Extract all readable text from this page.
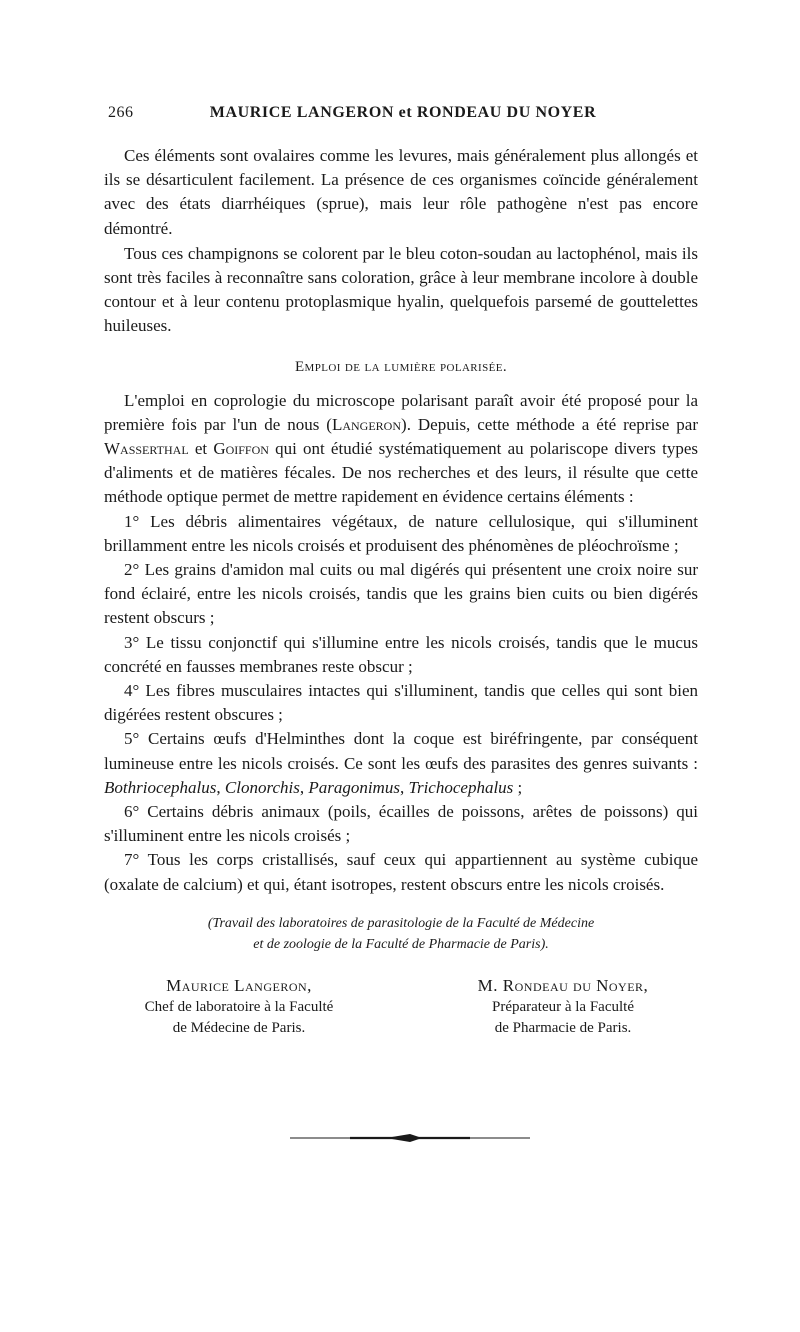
266	MAURICE LANGERON et RONDEAU DU NOYER

Ces éléments sont ovalaires comme les levures, mais généralement plus allongés et ils se désarticulent facilement. La présence de ces organismes coïncide généralement avec des états diarrhéiques (sprue), mais leur rôle pathogène n'est pas encore démontré.

Tous ces champignons se colorent par le bleu coton-soudan au lactophénol, mais ils sont très faciles à reconnaître sans coloration, grâce à leur membrane incolore à double contour et à leur contenu protoplasmique hyalin, quelquefois parsemé de gouttelettes huileuses.

Emploi de la lumière polarisée.

L'emploi en coprologie du microscope polarisant paraît avoir été proposé pour la première fois par l'un de nous (Langeron). Depuis, cette méthode a été reprise par Wasserthal et Goiffon qui ont étudié systématiquement au polariscope divers types d'aliments et de matières fécales. De nos recherches et des leurs, il résulte que cette méthode optique permet de mettre rapidement en évidence certains éléments :

1° Les débris alimentaires végétaux, de nature cellulosique, qui s'illuminent brillamment entre les nicols croisés et produisent des phénomènes de pléochroïsme ;

2° Les grains d'amidon mal cuits ou mal digérés qui présentent une croix noire sur fond éclairé, entre les nicols croisés, tandis que les grains bien cuits ou bien digérés restent obscurs ;

3° Le tissu conjonctif qui s'illumine entre les nicols croisés, tandis que le mucus concrété en fausses membranes reste obscur ;

4° Les fibres musculaires intactes qui s'illuminent, tandis que celles qui sont bien digérées restent obscures ;

5° Certains œufs d'Helminthes dont la coque est biréfringente, par conséquent lumineuse entre les nicols croisés. Ce sont les œufs des parasites des genres suivants : Bothriocephalus, Clonorchis, Paragonimus, Trichocephalus ;

6° Certains débris animaux (poils, écailles de poissons, arêtes de poissons) qui s'illuminent entre les nicols croisés ;

7° Tous les corps cristallisés, sauf ceux qui appartiennent au système cubique (oxalate de calcium) et qui, étant isotropes, restent obscurs entre les nicols croisés.

(Travail des laboratoires de parasitologie de la Faculté de Médecine
et de zoologie de la Faculté de Pharmacie de Paris).
Maurice Langeron,
Chef de laboratoire à la Faculté
de Médecine de Paris.
M. Rondeau du Noyer,
Préparateur à la Faculté
de Pharmacie de Paris.
